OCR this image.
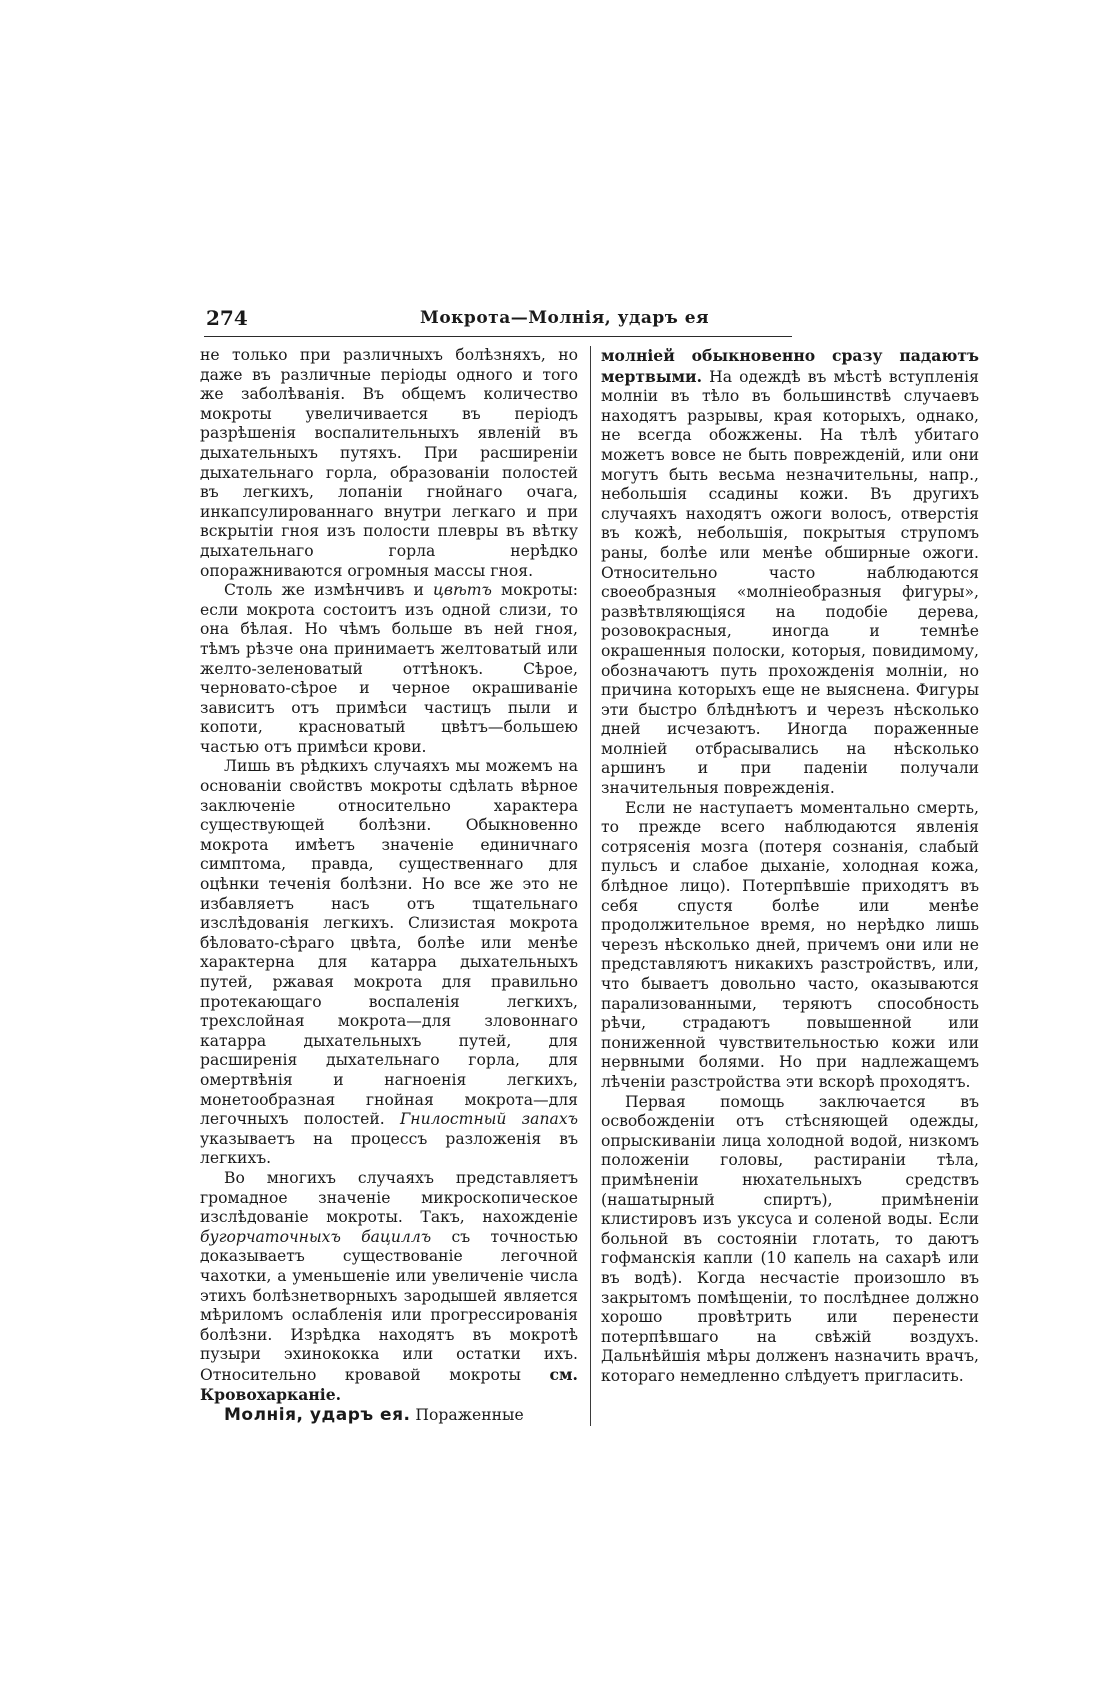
274	Мокрота—Молнія, ударъ ея

не только при различныхъ болѣзняхъ, но даже въ различные періоды одного и того же заболѣванія. Въ общемъ количество мокроты увеличивается въ періодъ разрѣшенія воспалительныхъ явленій въ дыхательныхъ путяхъ. При расширеніи дыхательнаго горла, образованіи полостей въ легкихъ, лопаніи гнойнаго очага, инкапсулированнаго внутри легкаго и при вскрытіи гноя изъ полости плевры въ вѣтку дыхательнаго горла нерѣдко опоражниваются огромныя массы гноя.

Столь же измѣнчивъ и цвѣтъ мокроты: если мокрота состоитъ изъ одной слизи, то она бѣлая. Но чѣмъ больше въ ней гноя, тѣмъ рѣзче она принимаетъ желтоватый или желто-зеленоватый оттѣнокъ. Сѣрое, черновато-сѣрое и черное окрашиваніе зависитъ отъ примѣси частицъ пыли и копоти, красноватый цвѣтъ—большею частью отъ примѣси крови.

Лишь въ рѣдкихъ случаяхъ мы можемъ на основаніи свойствъ мокроты сдѣлать вѣрное заключеніе относительно характера существующей болѣзни. Обыкновенно мокрота имѣетъ значеніе единичнаго симптома, правда, существеннаго для оцѣнки теченія болѣзни. Но все же это не избавляетъ насъ отъ тщательнаго изслѣдованія легкихъ. Слизистая мокрота бѣловато-сѣраго цвѣта, болѣе или менѣе характерна для катарра дыхательныхъ путей, ржавая мокрота для правильно протекающаго воспаленія легкихъ, трехслойная мокрота—для зловоннаго катарра дыхательныхъ путей, для расширенія дыхательнаго горла, для омертвѣнія и нагноенія легкихъ, монетообразная гнойная мокрота—для легочныхъ полостей. Гнилостный запахъ указываетъ на процессъ разложенія въ легкихъ.

Во многихъ случаяхъ представляетъ громадное значеніе микроскопическое изслѣдованіе мокроты. Такъ, нахожденіе бугорчаточныхъ бациллъ съ точностью доказываетъ существованіе легочной чахотки, а уменьшеніе или увеличеніе числа этихъ болѣзнетворныхъ зародышей является мѣриломъ ослабленія или прогрессированія болѣзни. Изрѣдка находятъ въ мокротѣ пузыри эхинококка или остатки ихъ. Относительно кровавой мокроты см. Кровохарканіе.

Молнія, ударъ ея. Пораженные

молніей обыкновенно сразу падаютъ мертвыми. На одеждѣ въ мѣстѣ вступленія молніи въ тѣло въ большинствѣ случаевъ находятъ разрывы, края которыхъ, однако, не всегда обожжены. На тѣлѣ убитаго можетъ вовсе не быть поврежденій, или они могутъ быть весьма незначительны, напр., небольшія ссадины кожи. Въ другихъ случаяхъ находятъ ожоги волосъ, отверстія въ кожѣ, небольшія, покрытыя струпомъ раны, болѣе или менѣе обширные ожоги. Относительно часто наблюдаются своеобразныя «молніеобразныя фигуры», развѣтвляющіяся на подобіе дерева, розовокрасныя, иногда и темнѣе окрашенныя полоски, которыя, повидимому, обозначаютъ путь прохожденія молніи, но причина которыхъ еще не выяснена. Фигуры эти быстро блѣднѣютъ и черезъ нѣсколько дней исчезаютъ. Иногда пораженные молніей отбрасывались на нѣсколько аршинъ и при паденіи получали значительныя поврежденія.

Если не наступаетъ моментально смерть, то прежде всего наблюдаются явленія сотрясенія мозга (потеря сознанія, слабый пульсъ и слабое дыханіе, холодная кожа, блѣдное лицо). Потерпѣвшіе приходятъ въ себя спустя болѣе или менѣе продолжительное время, но нерѣдко лишь черезъ нѣсколько дней, причемъ они или не представляютъ никакихъ разстройствъ, или, что бываетъ довольно часто, оказываются парализованными, теряютъ способность рѣчи, страдаютъ повышенной или пониженной чувствительностью кожи или нервными болями. Но при надлежащемъ лѣченіи разстройства эти вскорѣ проходятъ.

Первая помощь заключается въ освобожденіи отъ стѣсняющей одежды, опрыскиваніи лица холодной водой, низкомъ положеніи головы, растираніи тѣла, примѣненіи нюхательныхъ средствъ (нашатырный спиртъ), примѣненіи клистировъ изъ уксуса и соленой воды. Если больной въ состояніи глотать, то даютъ гофманскія капли (10 капель на сахарѣ или въ водѣ). Когда несчастіе произошло въ закрытомъ помѣщеніи, то послѣднее должно хорошо провѣтрить или перенести потерпѣвшаго на свѣжій воздухъ. Дальнѣйшія мѣры долженъ назначить врачъ, котораго немедленно слѣдуетъ пригласить.
